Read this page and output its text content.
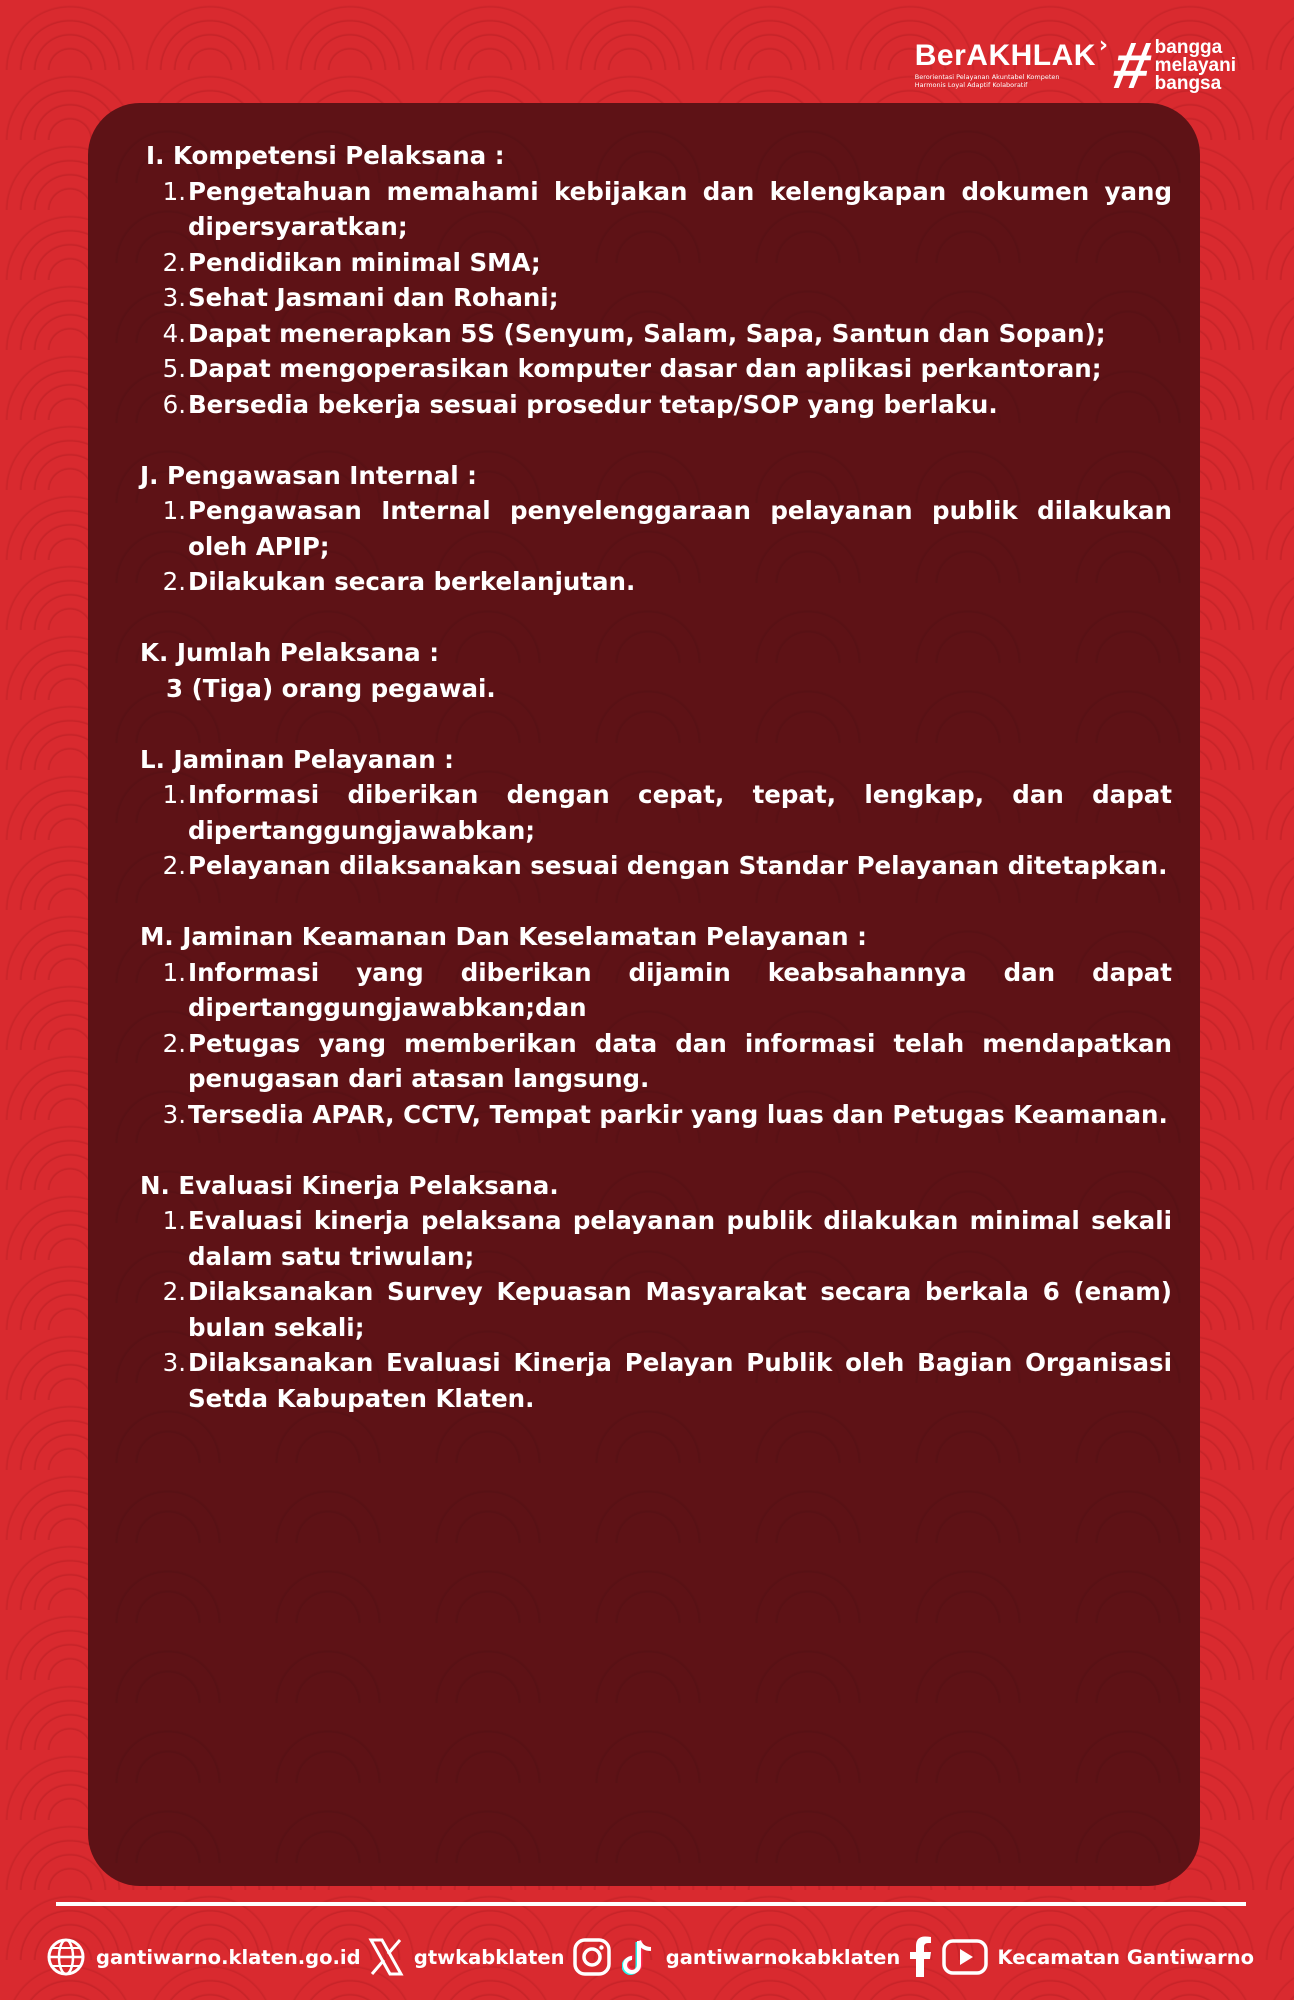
BerAKHLAK ›
Berorientasi Pelayanan Akuntabel Kompeten Harmonis Loyal Adaptif Kolaboratif	#
bangga
melayani
bangsa
I. Kompetensi Pelaksana :
1. Pengetahuan memahami kebijakan dan kelengkapan dokumen yang dipersyaratkan;
2. Pendidikan minimal SMA;
3. Sehat Jasmani dan Rohani;
4. Dapat menerapkan 5S (Senyum, Salam, Sapa, Santun dan Sopan);
5. Dapat mengoperasikan komputer dasar dan aplikasi perkantoran;
6. Bersedia bekerja sesuai prosedur tetap/SOP yang berlaku.
J. Pengawasan Internal :
1. Pengawasan Internal penyelenggaraan pelayanan publik dilakukan oleh APIP;
2. Dilakukan secara berkelanjutan.
K. Jumlah Pelaksana :
3 (Tiga) orang pegawai.
L. Jaminan Pelayanan :
1. Informasi diberikan dengan cepat, tepat, lengkap, dan dapat dipertanggungjawabkan;
2. Pelayanan dilaksanakan sesuai dengan Standar Pelayanan ditetapkan.
M. Jaminan Keamanan Dan Keselamatan Pelayanan :
1. Informasi yang diberikan dijamin keabsahannya dan dapat dipertanggungjawabkan;dan
2. Petugas yang memberikan data dan informasi telah mendapatkan penugasan dari atasan langsung.
3. Tersedia APAR, CCTV, Tempat parkir yang luas dan Petugas Keamanan.
N. Evaluasi Kinerja Pelaksana.
1. Evaluasi kinerja pelaksana pelayanan publik dilakukan minimal sekali dalam satu triwulan;
2. Dilaksanakan Survey Kepuasan Masyarakat secara berkala 6 (enam) bulan sekali;
3. Dilaksanakan Evaluasi Kinerja Pelayan Publik oleh Bagian Organisasi Setda Kabupaten Klaten.
gantiwarno.klaten.go.id	gtwkabklaten	gantiwarnokabklaten	Kecamatan Gantiwarno
